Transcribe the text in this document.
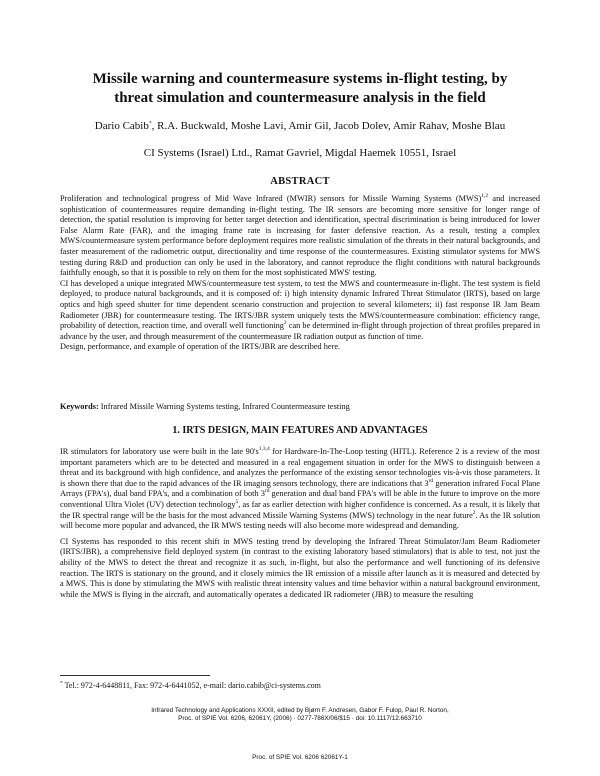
Missile warning and countermeasure systems in-flight testing, by
threat simulation and countermeasure analysis in the field
Dario Cabib*, R.A. Buckwald, Moshe Lavi, Amir Gil, Jacob Dolev, Amir Rahav, Moshe Blau
CI Systems (Israel) Ltd., Ramat Gavriel, Migdal Haemek 10551, Israel
ABSTRACT

Proliferation and technological progress of Mid Wave Infrared (MWIR) sensors for Missile Warning Systems (MWS)$^{1,2}$ and increased sophistication of countermeasures require demanding in-flight testing. The IR sensors are becoming more sensitive for longer range of detection, the spatial resolution is improving for better target detection and identification, spectral discrimination is being introduced for lower False Alarm Rate (FAR), and the imaging frame rate is increasing for faster defensive reaction. As a result, testing a complex MWS/countermeasure system performance before deployment requires more realistic simulation of the threats in their natural backgrounds, and faster measurement of the radiometric output, directionality and time response of the countermeasures. Existing stimulator systems for MWS testing during R&D and production can only be used in the laboratory, and cannot reproduce the flight conditions with natural backgrounds faithfully enough, so that it is possible to rely on them for the most sophisticated MWS' testing.

CI has developed a unique integrated MWS/countermeasure test system, to test the MWS and countermeasure in-flight. The test system is field deployed, to produce natural backgrounds, and it is composed of: i) high intensity dynamic Infrared Threat Stimulator (IRTS), based on large optics and high speed shutter for time dependent scenario construction and projection to several kilometers; ii) fast response IR Jam Beam Radiometer (JBR) for countermeasure testing. The IRTS/JBR system uniquely tests the MWS/countermeasure combination: efficiency range, probability of detection, reaction time, and overall well functioning$^2$ can be determined in-flight through projection of threat profiles prepared in advance by the user, and through measurement of the countermeasure IR radiation output as function of time.

Design, performance, and example of operation of the IRTS/JBR are described here.

Keywords: Infrared Missile Warning Systems testing, Infrared Countermeasure testing
1. IRTS DESIGN, MAIN FEATURES AND ADVANTAGES

IR stimulators for laboratory use were built in the late $90's^{1,3,4}$ for Hardware-In-The-Loop testing (HITL). Reference 2 is a review of the most important parameters which are to be detected and measured in a real engagement situation in order for the MWS to distinguish between a threat and its background with high confidence, and analyzes the performance of the existing sensor technologies vis-à-vis those parameters. It is shown there that due to the rapid advances of the IR imaging sensors technology, there are indications that 3rd generation infrared Focal Plane Arrays (FPA's), dual band FPA's, and a combination of both 3rd generation and dual band FPA's will be able in the future to improve on the more conventional Ultra Violet (UV) detection technology$^5$, as far as earlier detection with higher confidence is concerned. As a result, it is likely that the IR spectral range will be the basis for the most advanced Missile Warning Systems (MWS) technology in the near future$^2$. As the IR solution will become more popular and advanced, the IR MWS testing needs will also become more widespread and demanding.

CI Systems has responded to this recent shift in MWS testing trend by developing the Infrared Threat Stimulator/Jam Beam Radiometer (IRTS/JBR), a comprehensive field deployed system (in contrast to the existing laboratory based stimulators) that is able to test, not just the ability of the MWS to detect the threat and recognize it as such, in-flight, but also the performance and well functioning of its defensive reaction. The IRTS is stationary on the ground, and it closely mimics the IR emission of a missile after launch as it is measured and detected by a MWS. This is done by stimulating the MWS with realistic threat intensity values and time behavior within a natural background environment, while the MWS is flying in the aircraft, and automatically operates a dedicated IR radiometer (JBR) to measure the resulting

* Tel.: 972-4-6448811, Fax: 972-4-6441052, e-mail: dario.cabib@ci-systems.com
Infrared Technology and Applications XXXII, edited by Bjørn F. Andresen, Gabor F. Fulop, Paul R. Norton,
Proc. of SPIE Vol. 6206, 62061Y, (2006) · 0277-786X/06/$15 · doi: 10.1117/12.663710
Proc. of SPIE Vol. 6206 62061Y-1
